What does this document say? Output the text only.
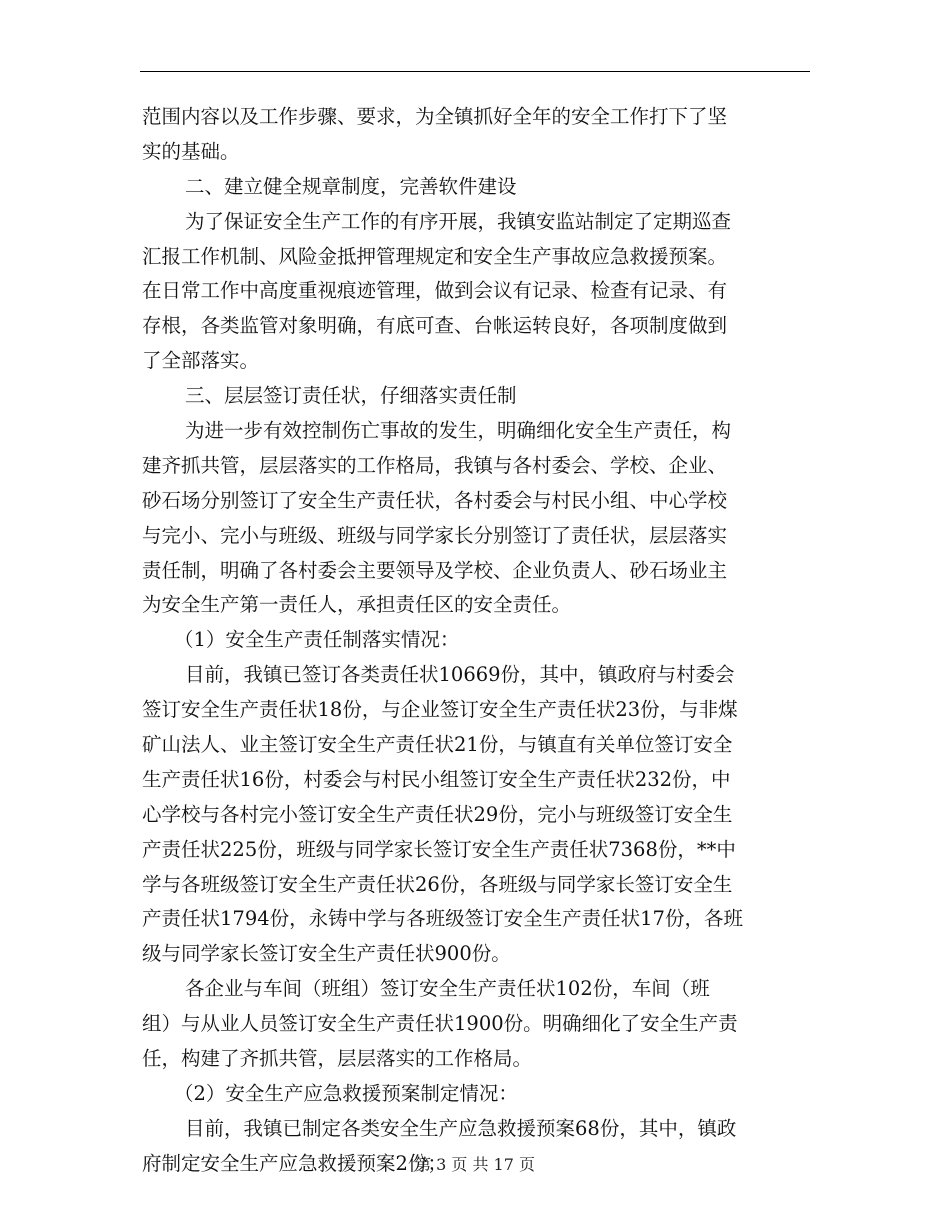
范围内容以及工作步骤、要求，为全镇抓好全年的安全工作打下了坚
实的基础。
二、建立健全规章制度，完善软件建设
为了保证安全生产工作的有序开展，我镇安监站制定了定期巡查
汇报工作机制、风险金抵押管理规定和安全生产事故应急救援预案。
在日常工作中高度重视痕迹管理，做到会议有记录、检查有记录、有
存根，各类监管对象明确，有底可查、台帐运转良好，各项制度做到
了全部落实。
三、层层签订责任状，仔细落实责任制
为进一步有效控制伤亡事故的发生，明确细化安全生产责任，构
建齐抓共管，层层落实的工作格局，我镇与各村委会、学校、企业、
砂石场分别签订了安全生产责任状，各村委会与村民小组、中心学校
与完小、完小与班级、班级与同学家长分别签订了责任状，层层落实
责任制，明确了各村委会主要领导及学校、企业负责人、砂石场业主
为安全生产第一责任人，承担责任区的安全责任。
（1）安全生产责任制落实情况：
目前，我镇已签订各类责任状10669份，其中，镇政府与村委会
签订安全生产责任状18份，与企业签订安全生产责任状23份，与非煤
矿山法人、业主签订安全生产责任状21份，与镇直有关单位签订安全
生产责任状16份，村委会与村民小组签订安全生产责任状232份，中
心学校与各村完小签订安全生产责任状29份，完小与班级签订安全生
产责任状225份，班级与同学家长签订安全生产责任状7368份，**中
学与各班级签订安全生产责任状26份，各班级与同学家长签订安全生
产责任状1794份，永铸中学与各班级签订安全生产责任状17份，各班
级与同学家长签订安全生产责任状900份。
各企业与车间（班组）签订安全生产责任状102份，车间（班
组）与从业人员签订安全生产责任状1900份。明确细化了安全生产责
任，构建了齐抓共管，层层落实的工作格局。
（2）安全生产应急救援预案制定情况：
目前，我镇已制定各类安全生产应急救援预案68份，其中，镇政
府制定安全生产应急救援预案2份；
第 3 页 共 17 页
